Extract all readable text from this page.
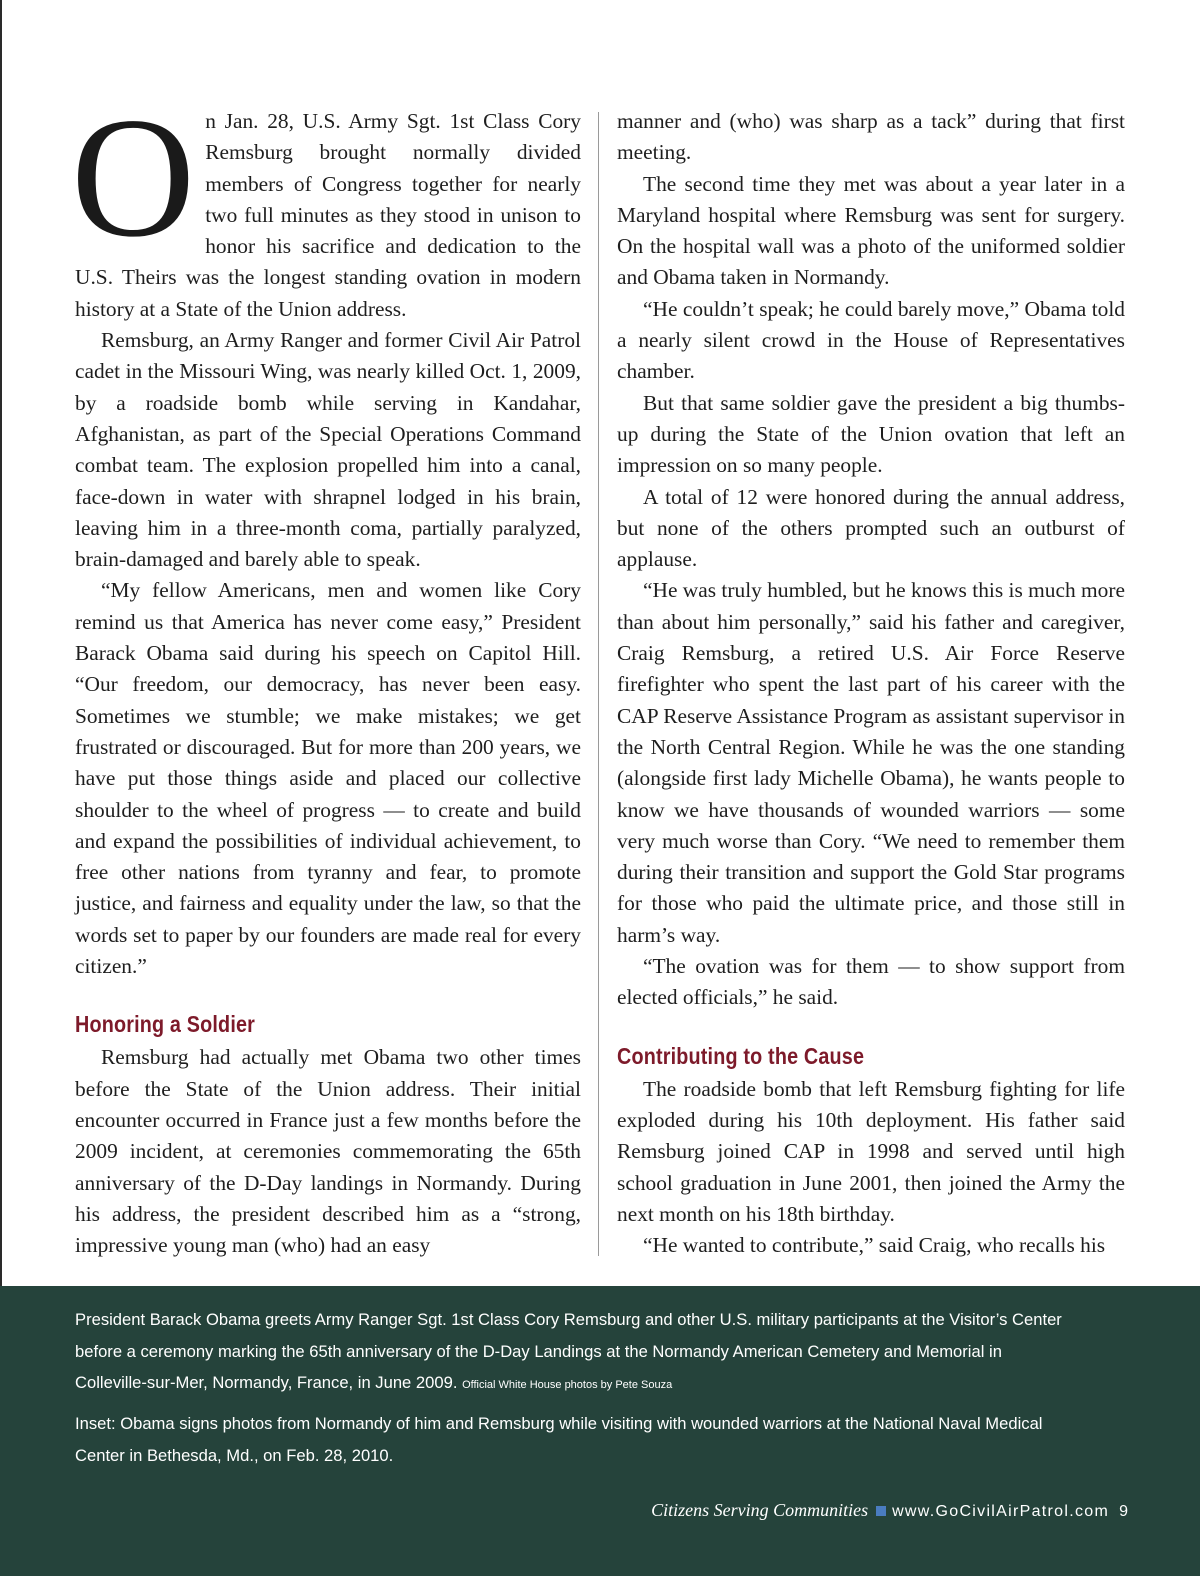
On Jan. 28, U.S. Army Sgt. 1st Class Cory Remsburg brought normally divided members of Congress together for nearly two full minutes as they stood in unison to honor his sacrifice and dedication to the U.S. Theirs was the longest standing ovation in modern history at a State of the Union address.

Remsburg, an Army Ranger and former Civil Air Patrol cadet in the Missouri Wing, was nearly killed Oct. 1, 2009, by a roadside bomb while serving in Kandahar, Afghanistan, as part of the Special Operations Command combat team. The explosion propelled him into a canal, face-down in water with shrapnel lodged in his brain, leaving him in a three-month coma, partially paralyzed, brain-damaged and barely able to speak.

“My fellow Americans, men and women like Cory remind us that America has never come easy,” President Barack Obama said during his speech on Capitol Hill. “Our freedom, our democracy, has never been easy. Sometimes we stumble; we make mistakes; we get frustrated or discouraged. But for more than 200 years, we have put those things aside and placed our collective shoulder to the wheel of progress — to create and build and expand the possibilities of individual achievement, to free other nations from tyranny and fear, to promote justice, and fairness and equality under the law, so that the words set to paper by our founders are made real for every citizen.”

Honoring a Soldier

Remsburg had actually met Obama two other times before the State of the Union address. Their initial encounter occurred in France just a few months before the 2009 incident, at ceremonies commemorating the 65th anniversary of the D-Day landings in Normandy. During his address, the president described him as a “strong, impressive young man (who) had an easy

manner and (who) was sharp as a tack” during that first meeting.

The second time they met was about a year later in a Maryland hospital where Remsburg was sent for surgery. On the hospital wall was a photo of the uniformed soldier and Obama taken in Normandy.

“He couldn’t speak; he could barely move,” Obama told a nearly silent crowd in the House of Representatives chamber.

But that same soldier gave the president a big thumbs-up during the State of the Union ovation that left an impression on so many people.

A total of 12 were honored during the annual address, but none of the others prompted such an outburst of applause.

“He was truly humbled, but he knows this is much more than about him personally,” said his father and caregiver, Craig Remsburg, a retired U.S. Air Force Reserve firefighter who spent the last part of his career with the CAP Reserve Assistance Program as assistant supervisor in the North Central Region. While he was the one standing (alongside first lady Michelle Obama), he wants people to know we have thousands of wounded warriors — some very much worse than Cory. “We need to remember them during their transition and support the Gold Star programs for those who paid the ultimate price, and those still in harm’s way.

“The ovation was for them — to show support from elected officials,” he said.

Contributing to the Cause

The roadside bomb that left Remsburg fighting for life exploded during his 10th deployment. His father said Remsburg joined CAP in 1998 and served until high school graduation in June 2001, then joined the Army the next month on his 18th birthday.

“He wanted to contribute,” said Craig, who recalls his

President Barack Obama greets Army Ranger Sgt. 1st Class Cory Remsburg and other U.S. military participants at the Visitor’s Center before a ceremony marking the 65th anniversary of the D-Day Landings at the Normandy American Cemetery and Memorial in Colleville-sur-Mer, Normandy, France, in June 2009. Official White House photos by Pete Souza
Inset: Obama signs photos from Normandy of him and Remsburg while visiting with wounded warriors at the National Naval Medical Center in Bethesda, Md., on Feb. 28, 2010.
Citizens Serving Communities www.GoCivilAirPatrol.com 9
